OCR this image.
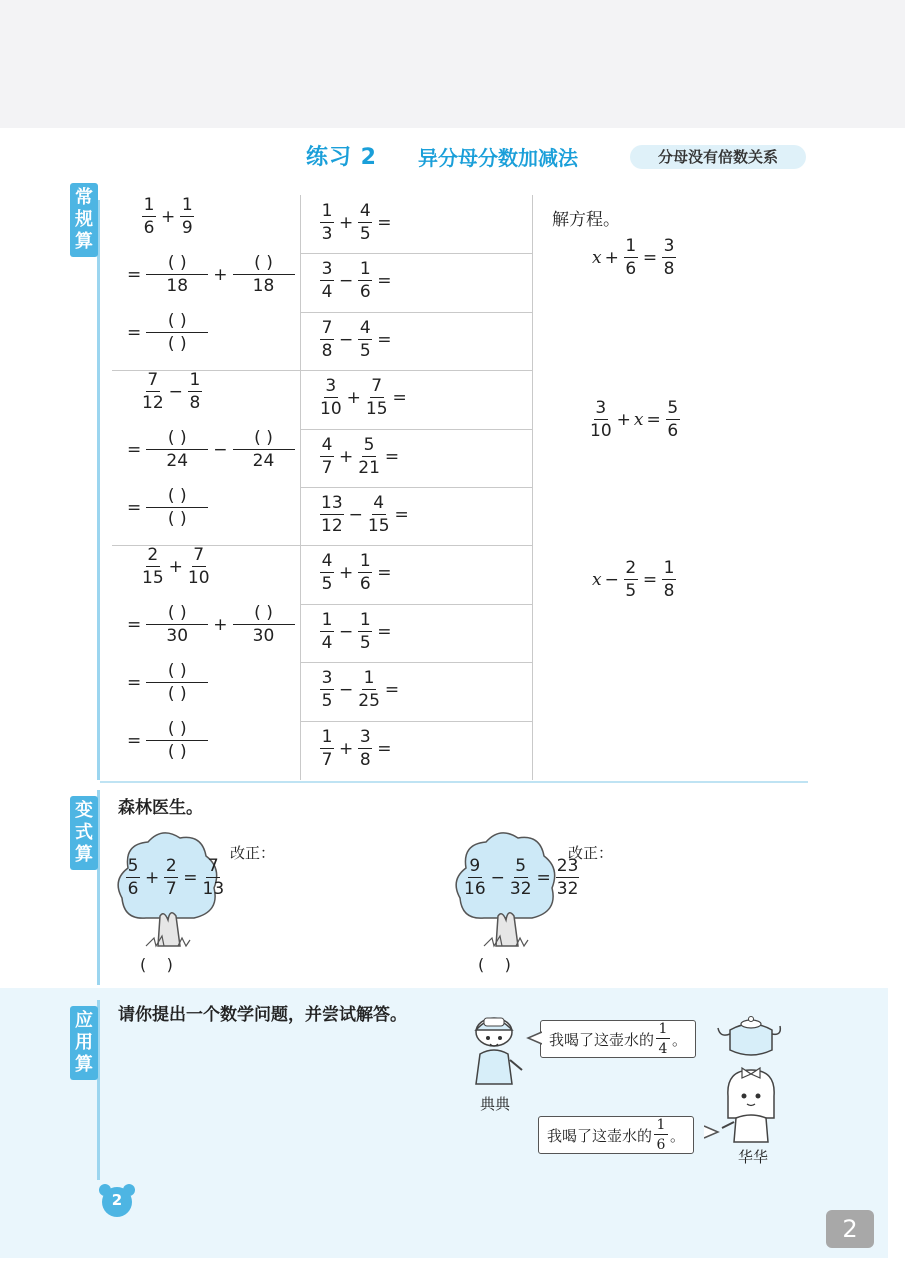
练习 2 异分母分数加减法	分母没有倍数关系
常
规
算
变
式
算
$\frac{1}{6} + \frac{1}{9}$
= $\frac{( )}{18} + \frac{( )}{18}$
= $\frac{( )}{( )}$
$\frac{7}{12} - \frac{1}{8}$
= $\frac{( )}{24} - \frac{( )}{24}$
= $\frac{( )}{( )}$
$\frac{2}{15} + \frac{7}{10}$
= $\frac{( )}{30} + \frac{( )}{30}$
= $\frac{( )}{( )}$
= $\frac{( )}{( )}$
$\frac{1}{3} + \frac{4}{5}$ =
$\frac{3}{4} - \frac{1}{6}$ =
$\frac{7}{8} - \frac{4}{5}$ =
$\frac{3}{10} + \frac{7}{15}$ =
$\frac{4}{7} + \frac{5}{21}$ =
$\frac{13}{12} - \frac{4}{15}$ =
$\frac{4}{5} + \frac{1}{6}$ =
$\frac{1}{4} - \frac{1}{5}$ =
$\frac{3}{5} - \frac{1}{25}$ =
$\frac{1}{7} + \frac{3}{8}$ =
解方程。
$x + \frac{1}{6} = \frac{3}{8}$
$\frac{3}{10} + x = \frac{5}{6}$
$x - \frac{2}{5} = \frac{1}{8}$
森林医生。
$\frac{5}{6} + \frac{2}{7} = \frac{7}{13}$
(    )
改正：
$\frac{9}{16} - \frac{5}{32} = \frac{23}{32}$
(    )
改正：
应
用
算
请你提出一个数学问题，并尝试解答。
典典
我喝了这壶水的 $\frac{1}{4}$ 。
华华
我喝了这壶水的 $\frac{1}{6}$ 。
2
2
